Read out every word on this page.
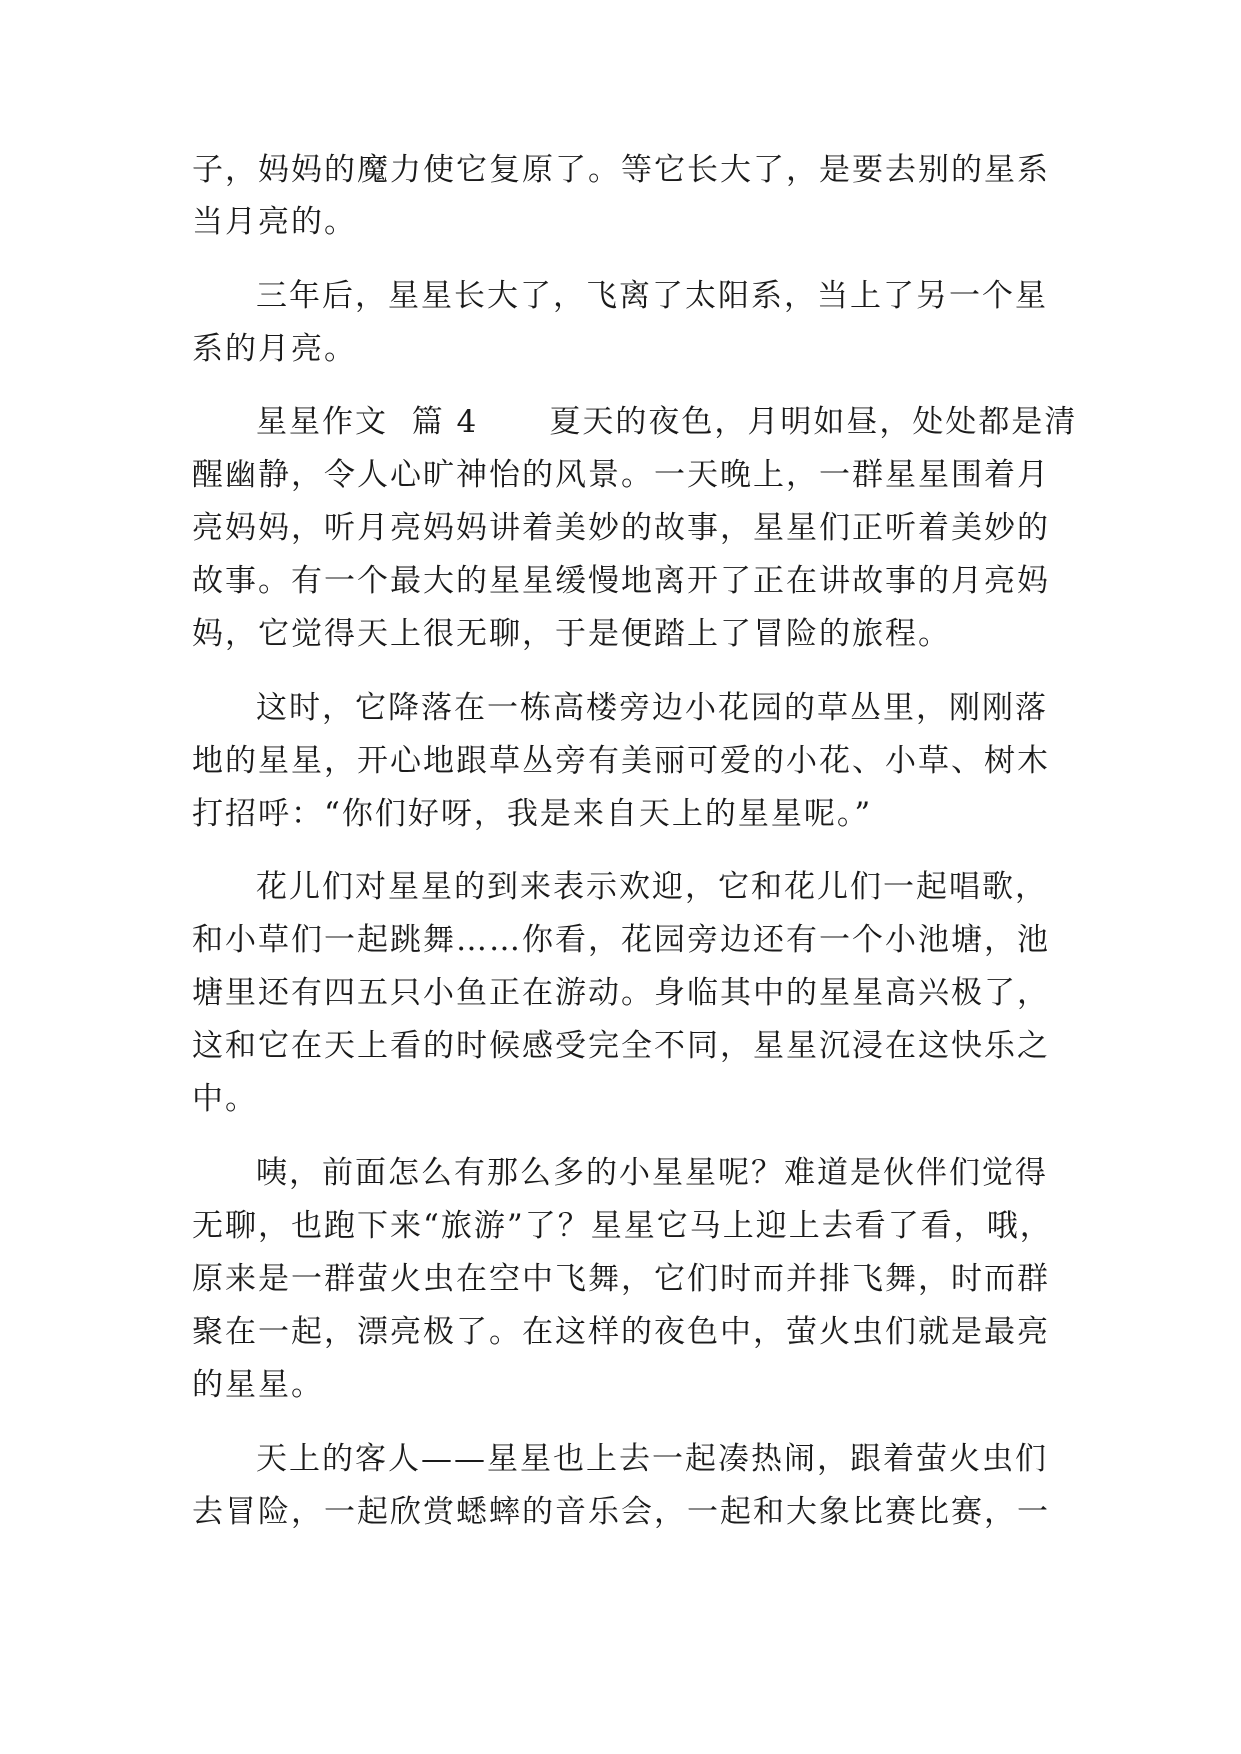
子，妈妈的魔力使它复原了。等它长大了，是要去别的星系
当月亮的。
三年后，星星长大了，飞离了太阳系，当上了另一个星
系的月亮。
星星作文  篇 4      夏天的夜色，月明如昼，处处都是清
醒幽静，令人心旷神怡的风景。一天晚上，一群星星围着月
亮妈妈，听月亮妈妈讲着美妙的故事，星星们正听着美妙的
故事。有一个最大的星星缓慢地离开了正在讲故事的月亮妈
妈，它觉得天上很无聊，于是便踏上了冒险的旅程。
这时，它降落在一栋高楼旁边小花园的草丛里，刚刚落
地的星星，开心地跟草丛旁有美丽可爱的小花、小草、树木
打招呼：“你们好呀，我是来自天上的星星呢。”
花儿们对星星的到来表示欢迎，它和花儿们一起唱歌，
和小草们一起跳舞……你看，花园旁边还有一个小池塘，池
塘里还有四五只小鱼正在游动。身临其中的星星高兴极了，
这和它在天上看的时候感受完全不同，星星沉浸在这快乐之
中。
咦，前面怎么有那么多的小星星呢？难道是伙伴们觉得
无聊，也跑下来“旅游”了？星星它马上迎上去看了看，哦，
原来是一群萤火虫在空中飞舞，它们时而并排飞舞，时而群
聚在一起，漂亮极了。在这样的夜色中，萤火虫们就是最亮
的星星。
天上的客人——星星也上去一起凑热闹，跟着萤火虫们
去冒险，一起欣赏蟋蟀的音乐会，一起和大象比赛比赛，一
